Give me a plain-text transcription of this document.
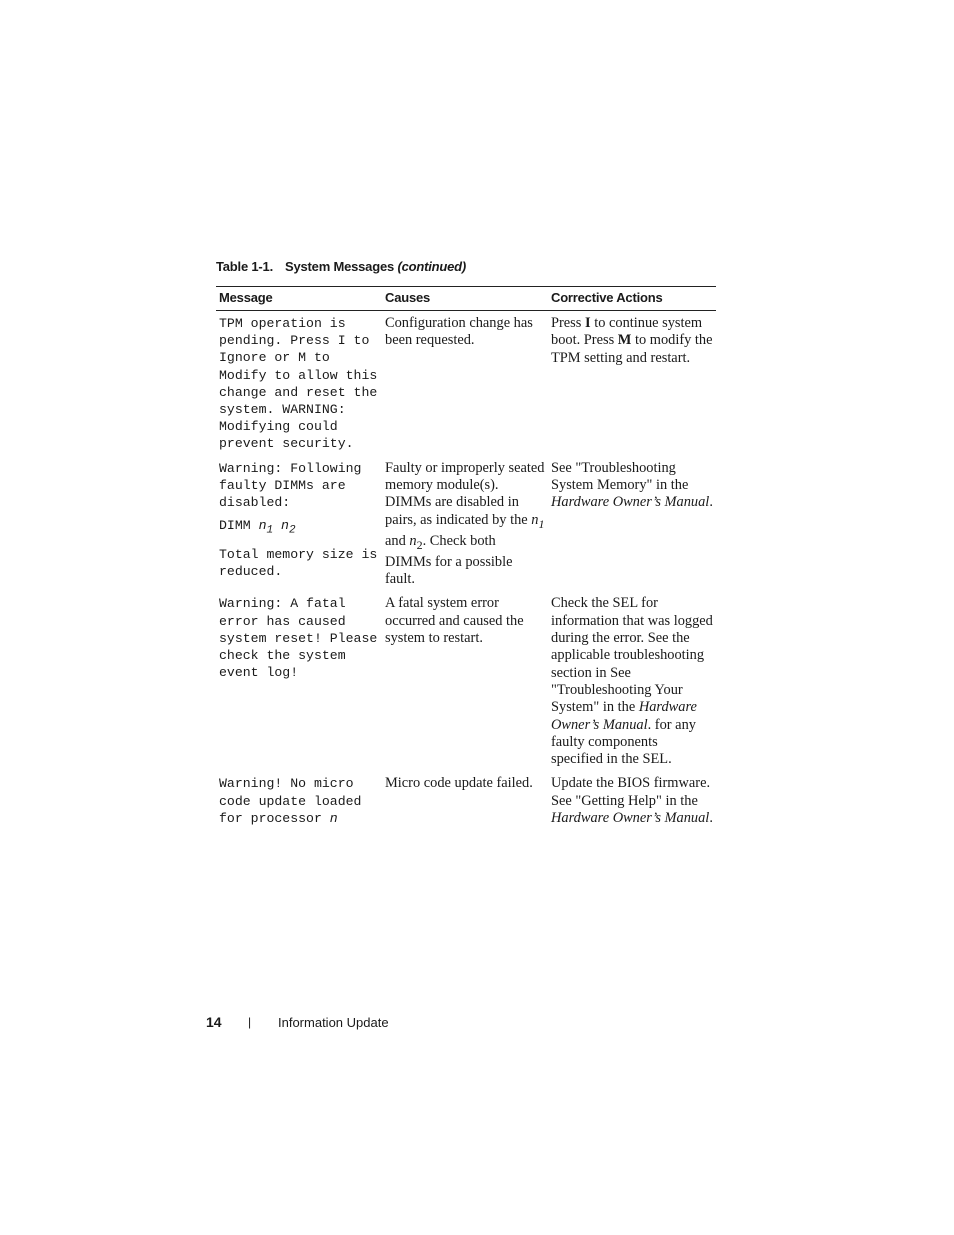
Table 1-1. System Messages (continued)
Message	Causes	Corrective Actions

TPM operation is pending. Press I to Ignore or M to Modify to allow this change and reset the system. WARNING: Modifying could prevent security.	Configuration change has been requested.	Press I to continue system boot. Press M to modify the TPM setting and restart.

Warning: Following faulty DIMMs are disabled:

DIMM $n_1$ $n_2$

Total memory size is reduced.	Faulty or improperly seated memory module(s). DIMMs are disabled in pairs, as indicated by the $n_1$ and $n_2$. Check both DIMMs for a possible fault.	See "Troubleshooting System Memory" in the Hardware Owner’s Manual.

Warning: A fatal error has caused system reset! Please check the system event log!	A fatal system error occurred and caused the system to restart.	Check the SEL for information that was logged during the error. See the applicable troubleshooting section in See "Troubleshooting Your System" in the Hardware Owner’s Manual. for any faulty components specified in the SEL.

Warning! No micro code update loaded for processor n	Micro code update failed.	Update the BIOS firmware. See "Getting Help" in the Hardware Owner’s Manual.

14 | Information Update
